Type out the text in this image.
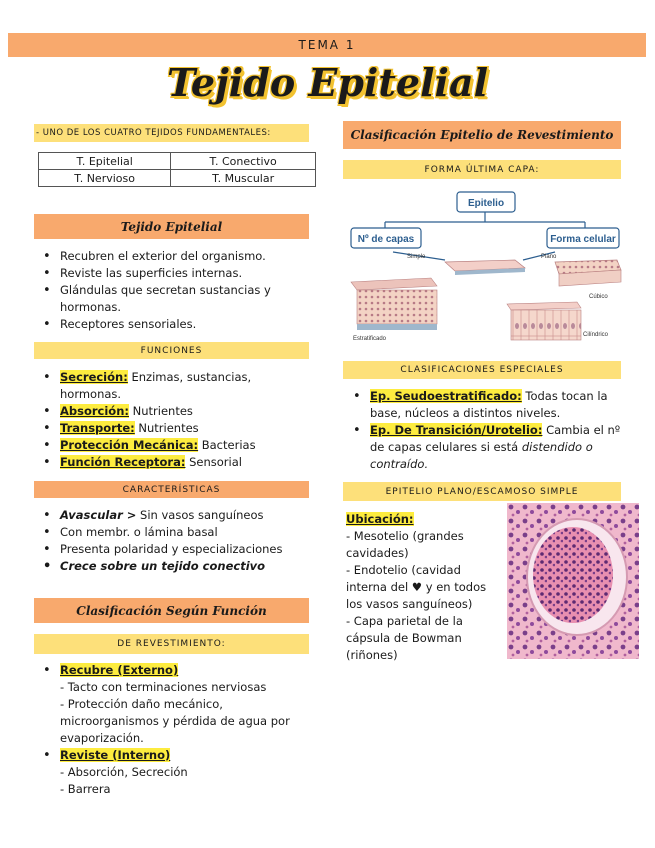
TEMA 1
Tejido Epitelial
- UNO DE LOS CUATRO TEJIDOS FUNDAMENTALES:
T. Epitelial	T. Conectivo
T. Nervioso	T. Muscular
Tejido Epitelial
• Recubren el exterior del organismo.
• Reviste las superficies internas.
• Glándulas que secretan sustancias y hormonas.
• Receptores sensoriales.
FUNCIONES
• Secreción: Enzimas, sustancias, hormonas.
• Absorción: Nutrientes
• Transporte: Nutrientes
• Protección Mecánica: Bacterias
• Función Receptora: Sensorial
CARACTERÍSTICAS
• Avascular > Sin vasos sanguíneos
• Con membr. o lámina basal
• Presenta polaridad y especializaciones
• Crece sobre un tejido conectivo
Clasificación Según Función
DE REVESTIMIENTO:
• Recubre (Externo)
- Tacto con terminaciones nerviosas
- Protección daño mecánico, microorganismos y pérdida de agua por evaporización.
• Reviste (Interno)
- Absorción, Secreción
- Barrera
Clasificación Epitelio de Revestimiento
FORMA ÚLTIMA CAPA:
Epitelio
Nº de capas	Forma celular
Simple	Plano
Cúbico
Estratificado
Cilíndrico
CLASIFICACIONES ESPECIALES
• Ep. Seudoestratificado: Todas tocan la base, núcleos a distintos niveles.
• Ep. De Transición/Urotelio: Cambia el nº de capas celulares si está distendido o contraído.
EPITELIO PLANO/ESCAMOSO SIMPLE
Ubicación:
- Mesotelio (grandes cavidades)
- Endotelio (cavidad interna del ♥ y en todos los vasos sanguíneos)
- Capa parietal de la cápsula de Bowman (riñones)
